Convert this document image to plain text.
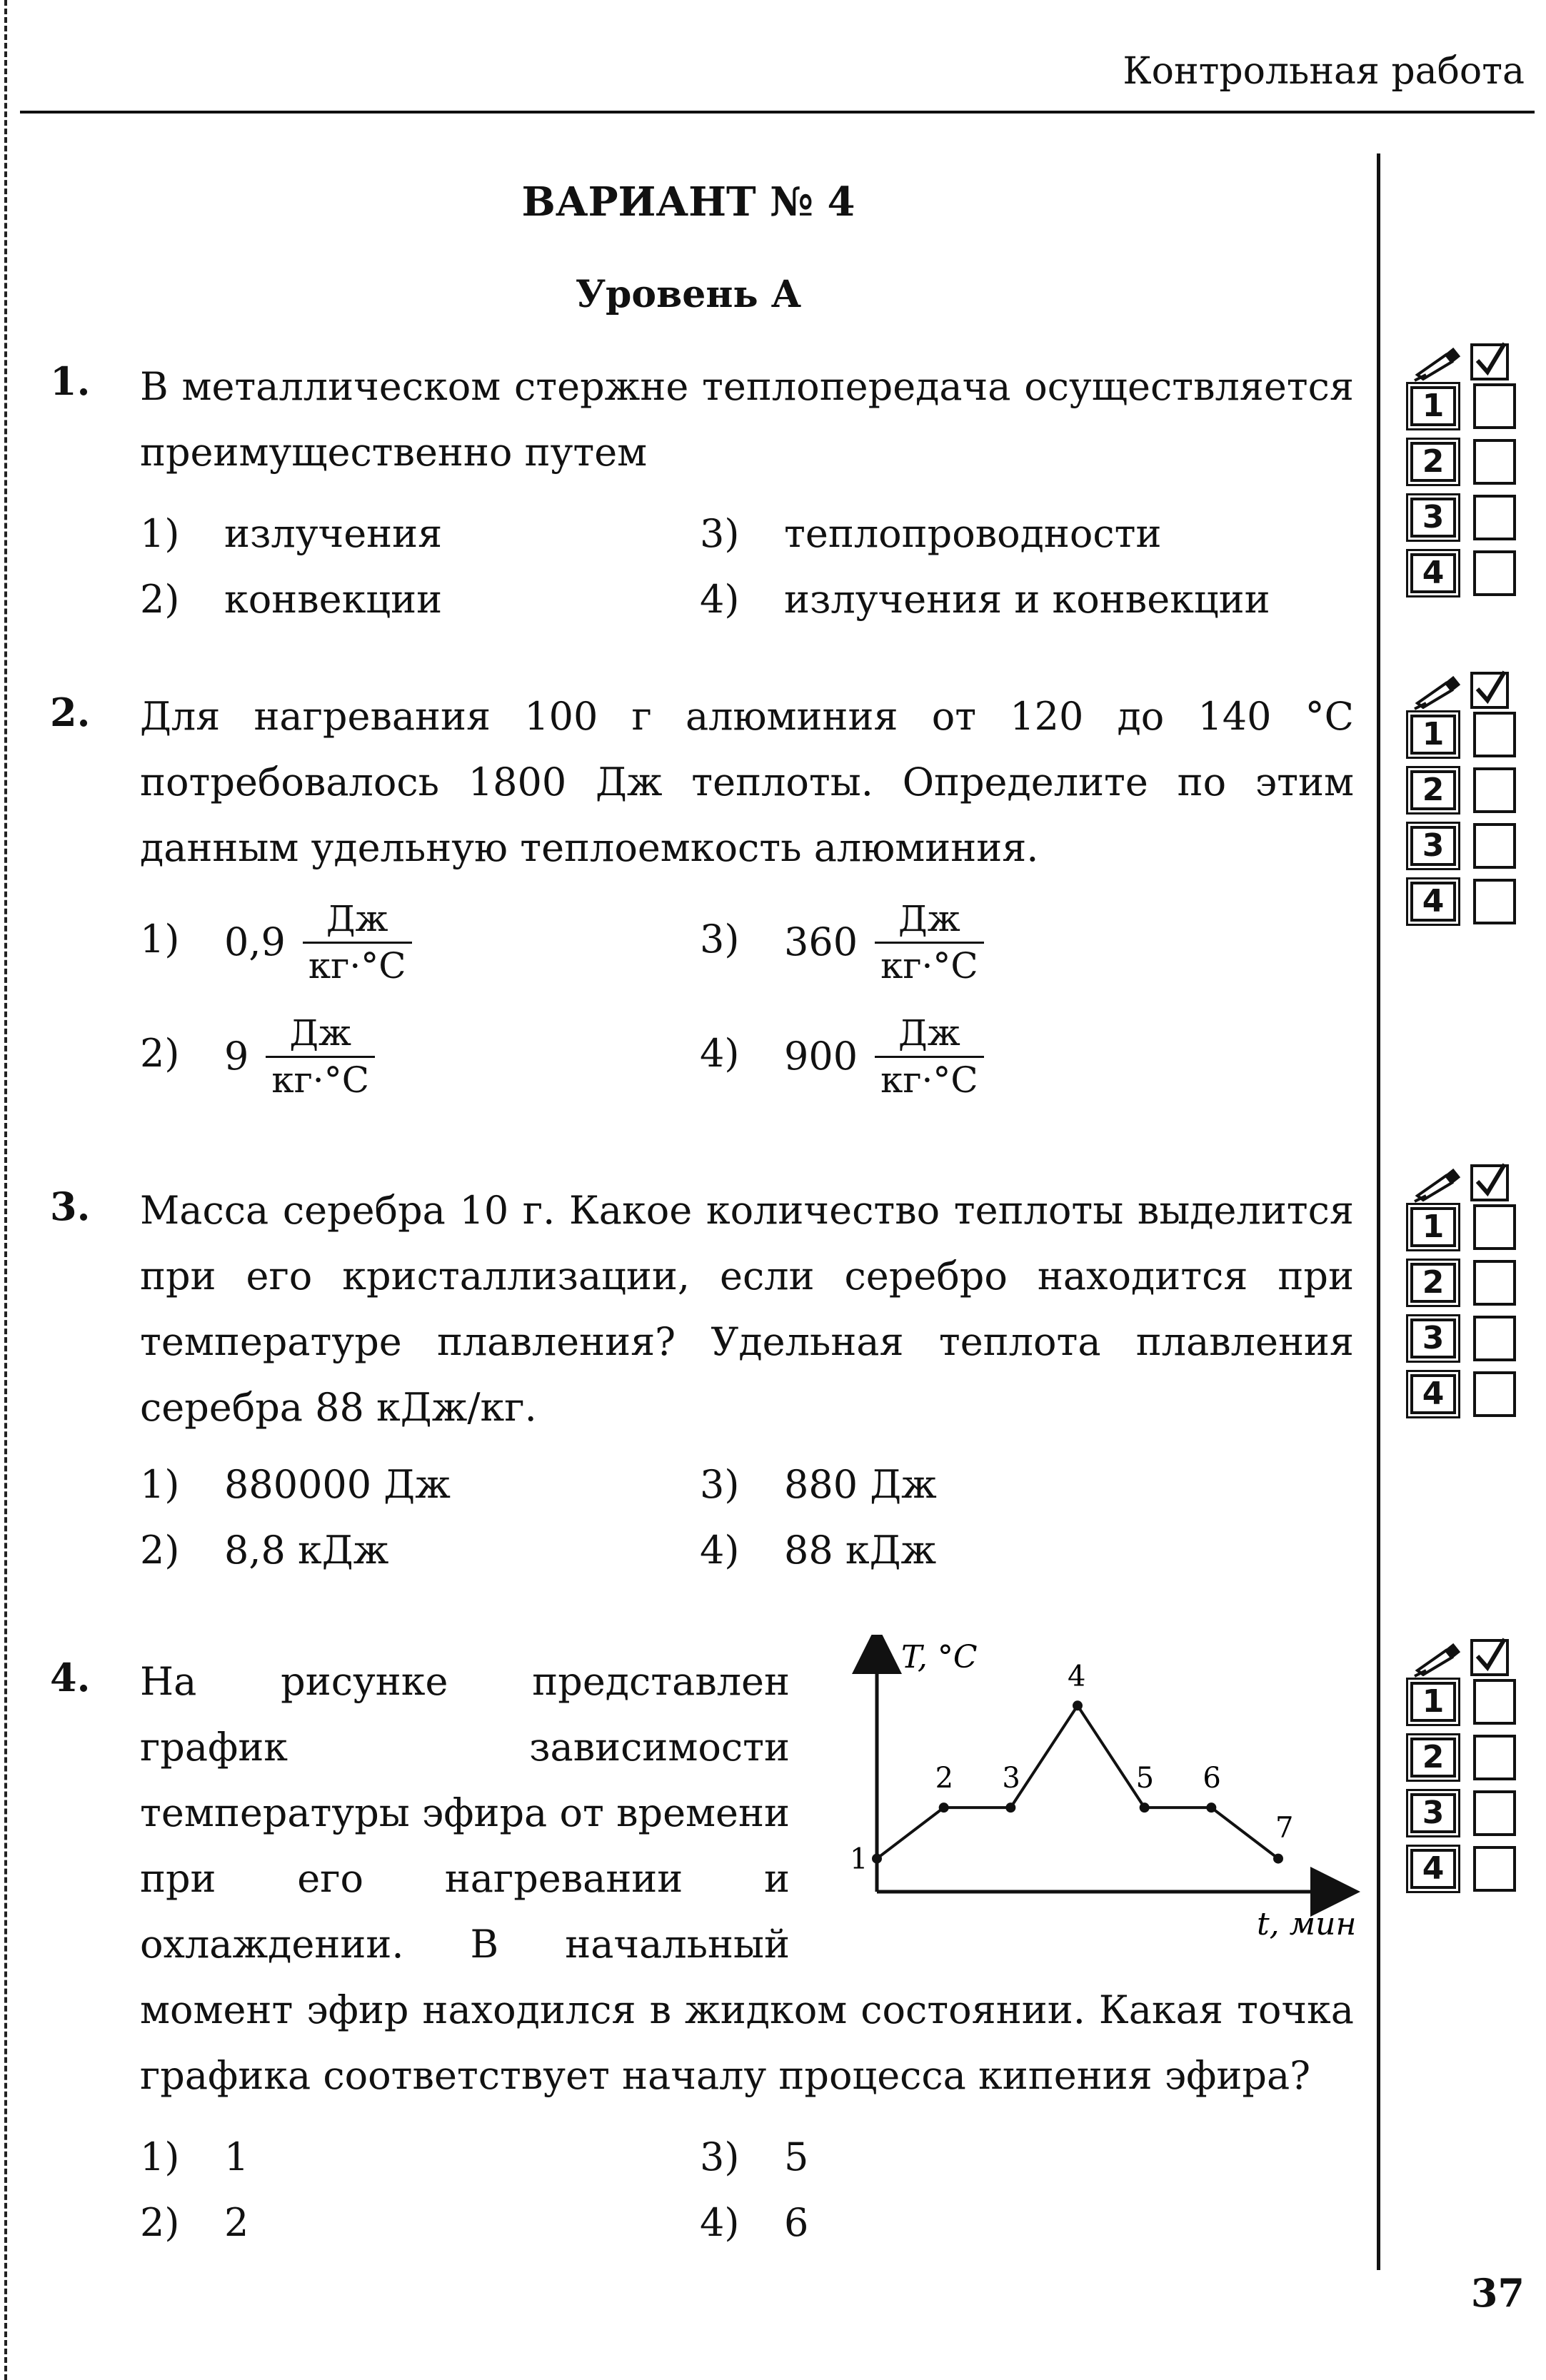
Контрольная работа
ВАРИАНТ № 4
Уровень А
1. В металлическом стержне теплопередача осуществляется преимущественно путем
1) излучения
2) конвекции
3) теплопроводности
4) излучения и конвекции
2. Для нагревания 100 г алюминия от 120 до 140 °С потребовалось 1800 Дж теплоты. Определите по этим данным удельную теплоемкость алюминия.
1) $0,9 \frac{Дж}{кг\cdot^\circ С}$
2) $9 \frac{Дж}{кг\cdot^\circ С}$
3) $360 \frac{Дж}{кг\cdot^\circ С}$
4) $900 \frac{Дж}{кг\cdot^\circ С}$
3. Масса серебра 10 г. Какое количество теплоты выделится при его кристаллизации, если серебро находится при температуре плавления? Удельная теплота плавления серебра 88 кДж/кг.
1) 880000 Дж
2) 8,8 кДж
3) 880 Дж
4) 88 кДж
4. На рисунке представлен график зависимости температуры эфира от времени при его нагревании и охлаждении. В начальный момент эфир находился в жидком состоянии. Какая точка графика соответствует началу процесса кипения эфира?
T, °C
t, мин
1
2 3
4
5 6
7
1) 1
2) 2
3) 5
4) 6
1
2
3
4
1
2
3
4
1
2
3
4
1
2
3
4
37
